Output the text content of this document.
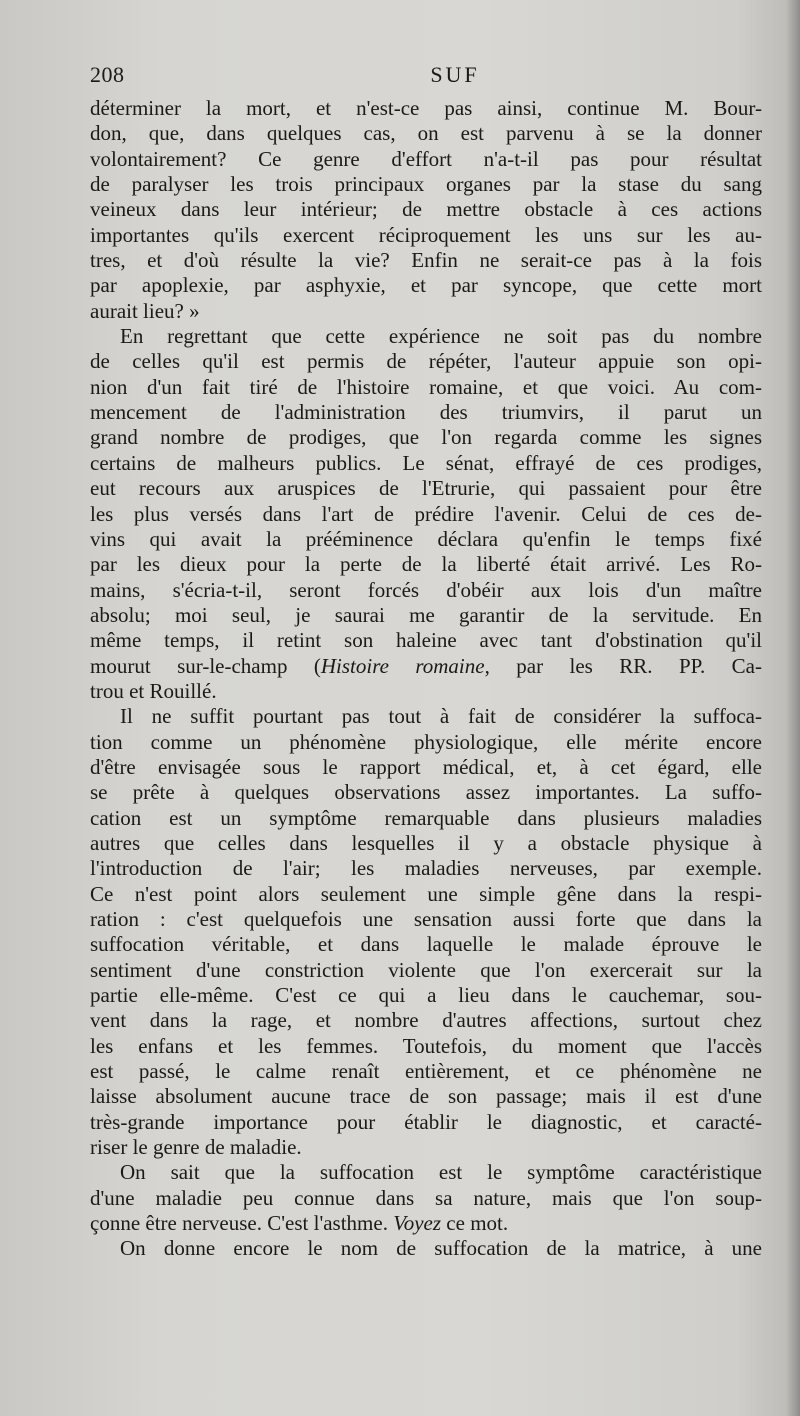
208	SUF
déterminer la mort, et n'est-ce pas ainsi, continue M. Bour-
don, que, dans quelques cas, on est parvenu à se la donner
volontairement? Ce genre d'effort n'a-t-il pas pour résultat
de paralyser les trois principaux organes par la stase du sang
veineux dans leur intérieur; de mettre obstacle à ces actions
importantes qu'ils exercent réciproquement les uns sur les au-
tres, et d'où résulte la vie? Enfin ne serait-ce pas à la fois
par apoplexie, par asphyxie, et par syncope, que cette mort
aurait lieu? »
En regrettant que cette expérience ne soit pas du nombre
de celles qu'il est permis de répéter, l'auteur appuie son opi-
nion d'un fait tiré de l'histoire romaine, et que voici. Au com-
mencement de l'administration des triumvirs, il parut un
grand nombre de prodiges, que l'on regarda comme les signes
certains de malheurs publics. Le sénat, effrayé de ces prodiges,
eut recours aux aruspices de l'Etrurie, qui passaient pour être
les plus versés dans l'art de prédire l'avenir. Celui de ces de-
vins qui avait la prééminence déclara qu'enfin le temps fixé
par les dieux pour la perte de la liberté était arrivé. Les Ro-
mains, s'écria-t-il, seront forcés d'obéir aux lois d'un maître
absolu; moi seul, je saurai me garantir de la servitude. En
même temps, il retint son haleine avec tant d'obstination qu'il
mourut sur-le-champ (Histoire romaine, par les RR. PP. Ca-
trou et Rouillé.
Il ne suffit pourtant pas tout à fait de considérer la suffoca-
tion comme un phénomène physiologique, elle mérite encore
d'être envisagée sous le rapport médical, et, à cet égard, elle
se prête à quelques observations assez importantes. La suffo-
cation est un symptôme remarquable dans plusieurs maladies
autres que celles dans lesquelles il y a obstacle physique à
l'introduction de l'air; les maladies nerveuses, par exemple.
Ce n'est point alors seulement une simple gêne dans la respi-
ration : c'est quelquefois une sensation aussi forte que dans la
suffocation véritable, et dans laquelle le malade éprouve le
sentiment d'une constriction violente que l'on exercerait sur la
partie elle-même. C'est ce qui a lieu dans le cauchemar, sou-
vent dans la rage, et nombre d'autres affections, surtout chez
les enfans et les femmes. Toutefois, du moment que l'accès
est passé, le calme renaît entièrement, et ce phénomène ne
laisse absolument aucune trace de son passage; mais il est d'une
très-grande importance pour établir le diagnostic, et caracté-
riser le genre de maladie.
On sait que la suffocation est le symptôme caractéristique
d'une maladie peu connue dans sa nature, mais que l'on soup-
çonne être nerveuse. C'est l'asthme. Voyez ce mot.
On donne encore le nom de suffocation de la matrice, à une
